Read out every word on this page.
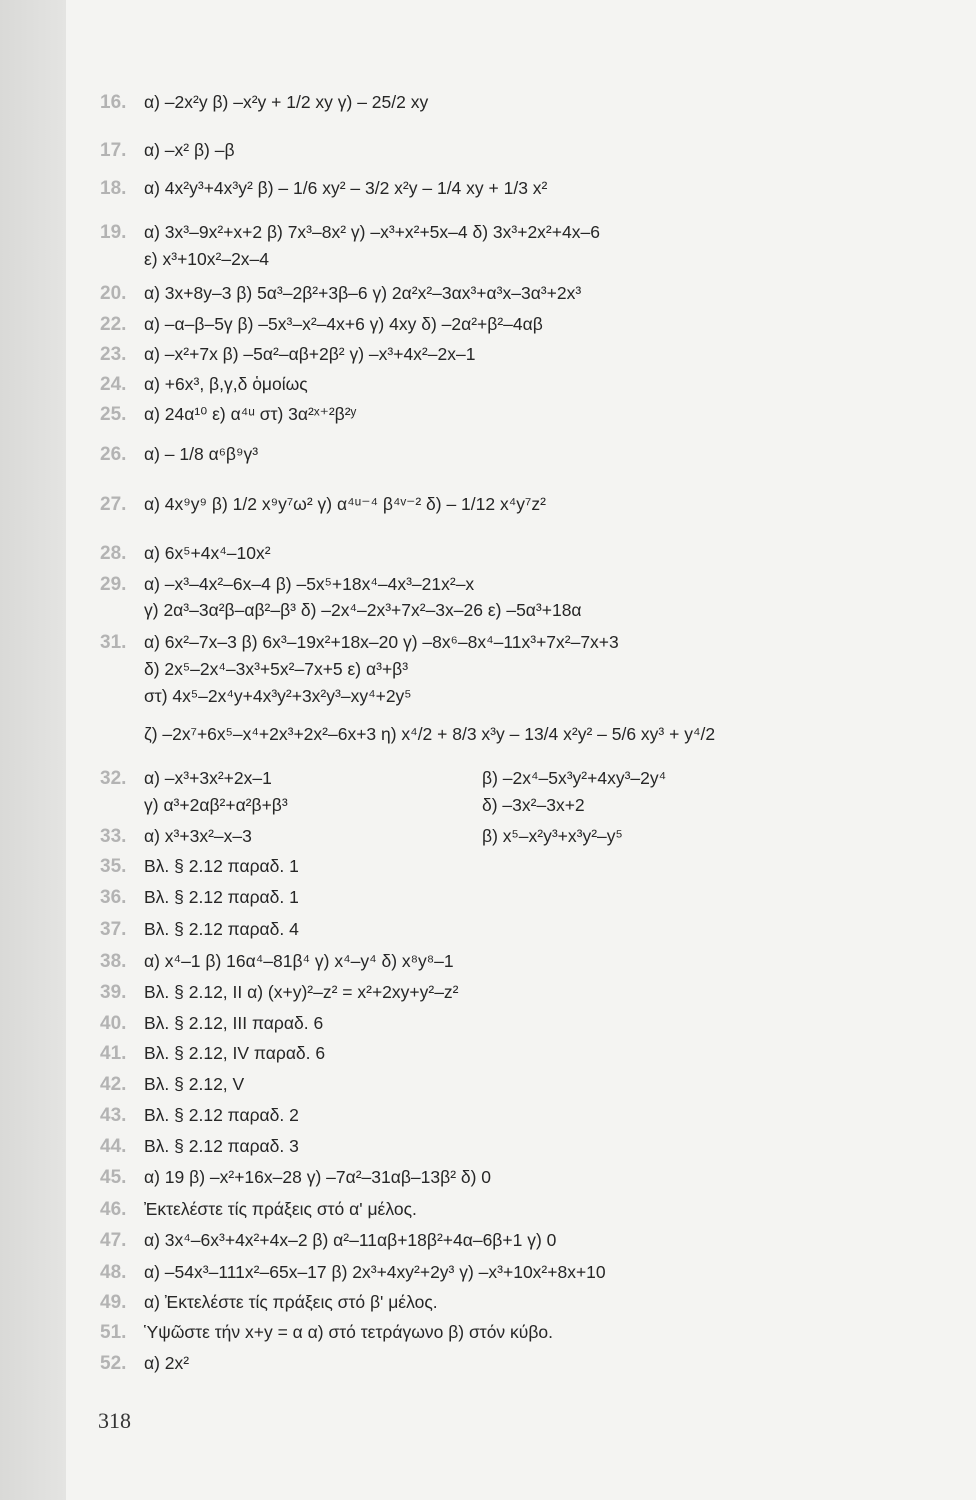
16. α) –2x²y β) –x²y + 1/2 xy γ) – 25/2 xy
17. α) –x² β) –β
18. α) 4x²y³+4x³y² β) – 1/6 xy² – 3/2 x²y – 1/4 xy + 1/3 x²
19. α) 3x³–9x²+x+2 β) 7x³–8x² γ) –x³+x²+5x–4 δ) 3x³+2x²+4x–6
ε) x³+10x²–2x–4
20. α) 3x+8y–3 β) 5α³–2β²+3β–6 γ) 2α²x²–3αx³+α³x–3α³+2x³
22. α) –α–β–5γ β) –5x³–x²–4x+6 γ) 4xy δ) –2α²+β²–4αβ
23. α) –x²+7x β) –5α²–αβ+2β² γ) –x³+4x²–2x–1
24. α) +6x³, β,γ,δ ὁμοίως
25. α) 24α¹⁰ ε) α⁴ᵘ στ) 3α²ˣ⁺²β²ʸ
26. α) – 1/8 α⁶β⁹γ³
27. α) 4x⁹y⁹ β) 1/2 x⁹y⁷ω² γ) α⁴ᵘ⁻⁴ β⁴ᵛ⁻² δ) – 1/12 x⁴y⁷z²
28. α) 6x⁵+4x⁴–10x²
29. α) –x³–4x²–6x–4 β) –5x⁵+18x⁴–4x³–21x²–x
γ) 2α³–3α²β–αβ²–β³ δ) –2x⁴–2x³+7x²–3x–26 ε) –5α³+18α
31. α) 6x²–7x–3 β) 6x³–19x²+18x–20 γ) –8x⁶–8x⁴–11x³+7x²–7x+3
δ) 2x⁵–2x⁴–3x³+5x²–7x+5 ε) α³+β³
στ) 4x⁵–2x⁴y+4x³y²+3x²y³–xy⁴+2y⁵
ζ) –2x⁷+6x⁵–x⁴+2x³+2x²–6x+3 η) x⁴/2 + 8/3 x³y – 13/4 x²y² – 5/6 xy³ + y⁴/2
32. α) –x³+3x²+2x–1	β) –2x⁴–5x³y²+4xy³–2y⁴
γ) α³+2αβ²+α²β+β³	δ) –3x²–3x+2
33. α) x³+3x²–x–3	β) x⁵–x²y³+x³y²–y⁵
35. Βλ. § 2.12 παραδ. 1
36. Βλ. § 2.12 παραδ. 1
37. Βλ. § 2.12 παραδ. 4
38. α) x⁴–1 β) 16α⁴–81β⁴ γ) x⁴–y⁴ δ) x⁸y⁸–1
39. Βλ. § 2.12, ΙΙ α) (x+y)²–z² = x²+2xy+y²–z²
40. Βλ. § 2.12, ΙΙΙ παραδ. 6
41. Βλ. § 2.12, IV παραδ. 6
42. Βλ. § 2.12, V
43. Βλ. § 2.12 παραδ. 2
44. Βλ. § 2.12 παραδ. 3
45. α) 19 β) –x²+16x–28 γ) –7α²–31αβ–13β² δ) 0
46. Ἐκτελέστε τίς πράξεις στό α' μέλος.
47. α) 3x⁴–6x³+4x²+4x–2 β) α²–11αβ+18β²+4α–6β+1 γ) 0
48. α) –54x³–111x²–65x–17 β) 2x³+4xy²+2y³ γ) –x³+10x²+8x+10
49. α) Ἐκτελέστε τίς πράξεις στό β' μέλος.
51. Ὑψῶστε τήν x+y = α α) στό τετράγωνο β) στόν κύβο.
52. α) 2x²
318
